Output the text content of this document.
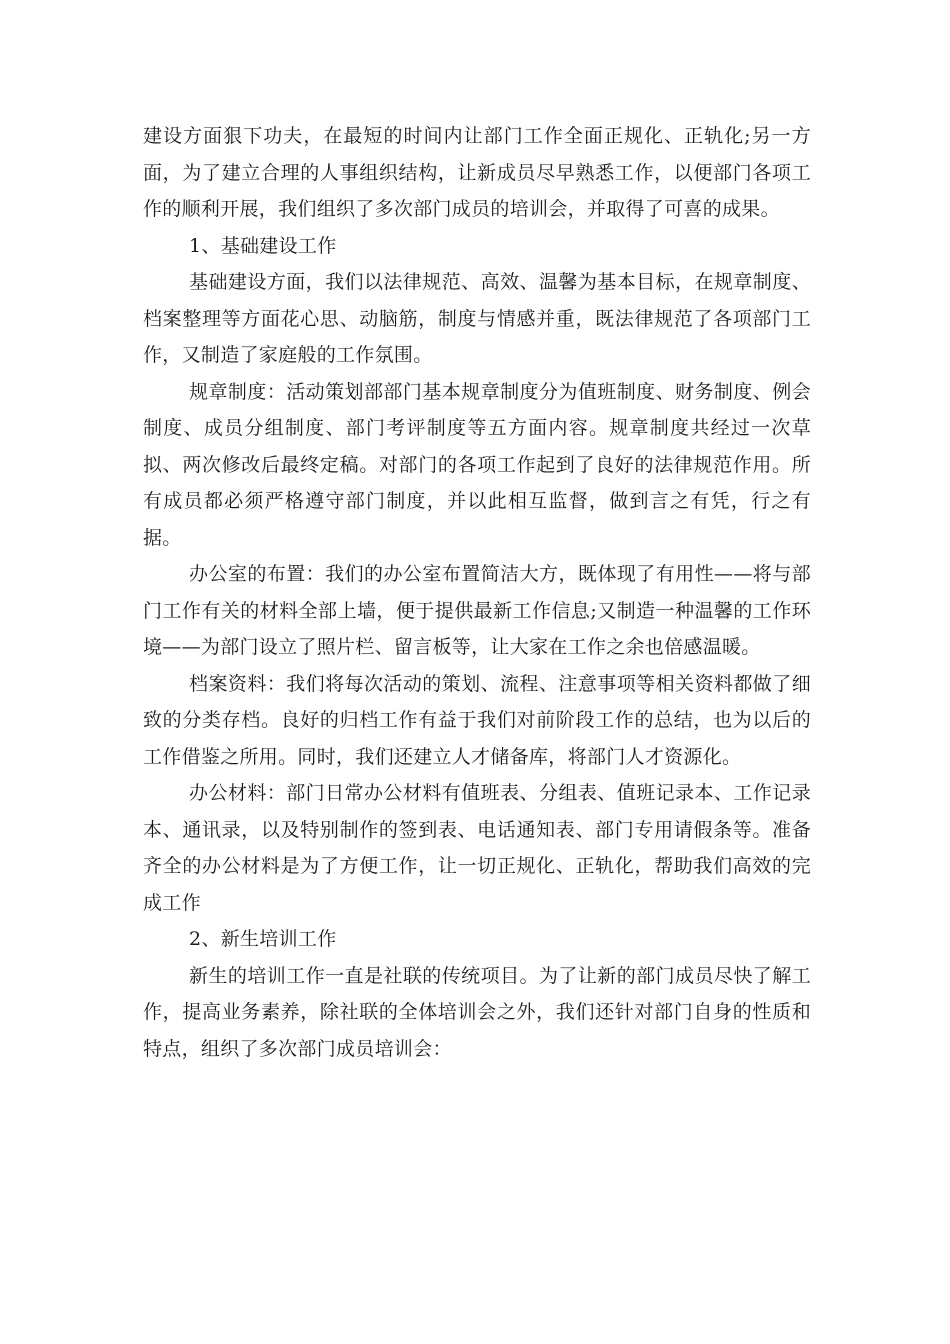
建设方面狠下功夫，在最短的时间内让部门工作全面正规化、正轨化;另一方面，为了建立合理的人事组织结构，让新成员尽早熟悉工作，以便部门各项工作的顺利开展，我们组织了多次部门成员的培训会，并取得了可喜的成果。

1、基础建设工作

基础建设方面，我们以法律规范、高效、温馨为基本目标，在规章制度、档案整理等方面花心思、动脑筋，制度与情感并重，既法律规范了各项部门工作，又制造了家庭般的工作氛围。

规章制度：活动策划部部门基本规章制度分为值班制度、财务制度、例会制度、成员分组制度、部门考评制度等五方面内容。规章制度共经过一次草拟、两次修改后最终定稿。对部门的各项工作起到了良好的法律规范作用。所有成员都必须严格遵守部门制度，并以此相互监督，做到言之有凭，行之有据。

办公室的布置：我们的办公室布置简洁大方，既体现了有用性——将与部门工作有关的材料全部上墙，便于提供最新工作信息;又制造一种温馨的工作环境——为部门设立了照片栏、留言板等，让大家在工作之余也倍感温暖。

档案资料：我们将每次活动的策划、流程、注意事项等相关资料都做了细致的分类存档。良好的归档工作有益于我们对前阶段工作的总结，也为以后的工作借鉴之所用。同时，我们还建立人才储备库，将部门人才资源化。

办公材料：部门日常办公材料有值班表、分组表、值班记录本、工作记录本、通讯录，以及特别制作的签到表、电话通知表、部门专用请假条等。准备齐全的办公材料是为了方便工作，让一切正规化、正轨化，帮助我们高效的完成工作

2、新生培训工作

新生的培训工作一直是社联的传统项目。为了让新的部门成员尽快了解工作，提高业务素养，除社联的全体培训会之外，我们还针对部门自身的性质和特点，组织了多次部门成员培训会：
